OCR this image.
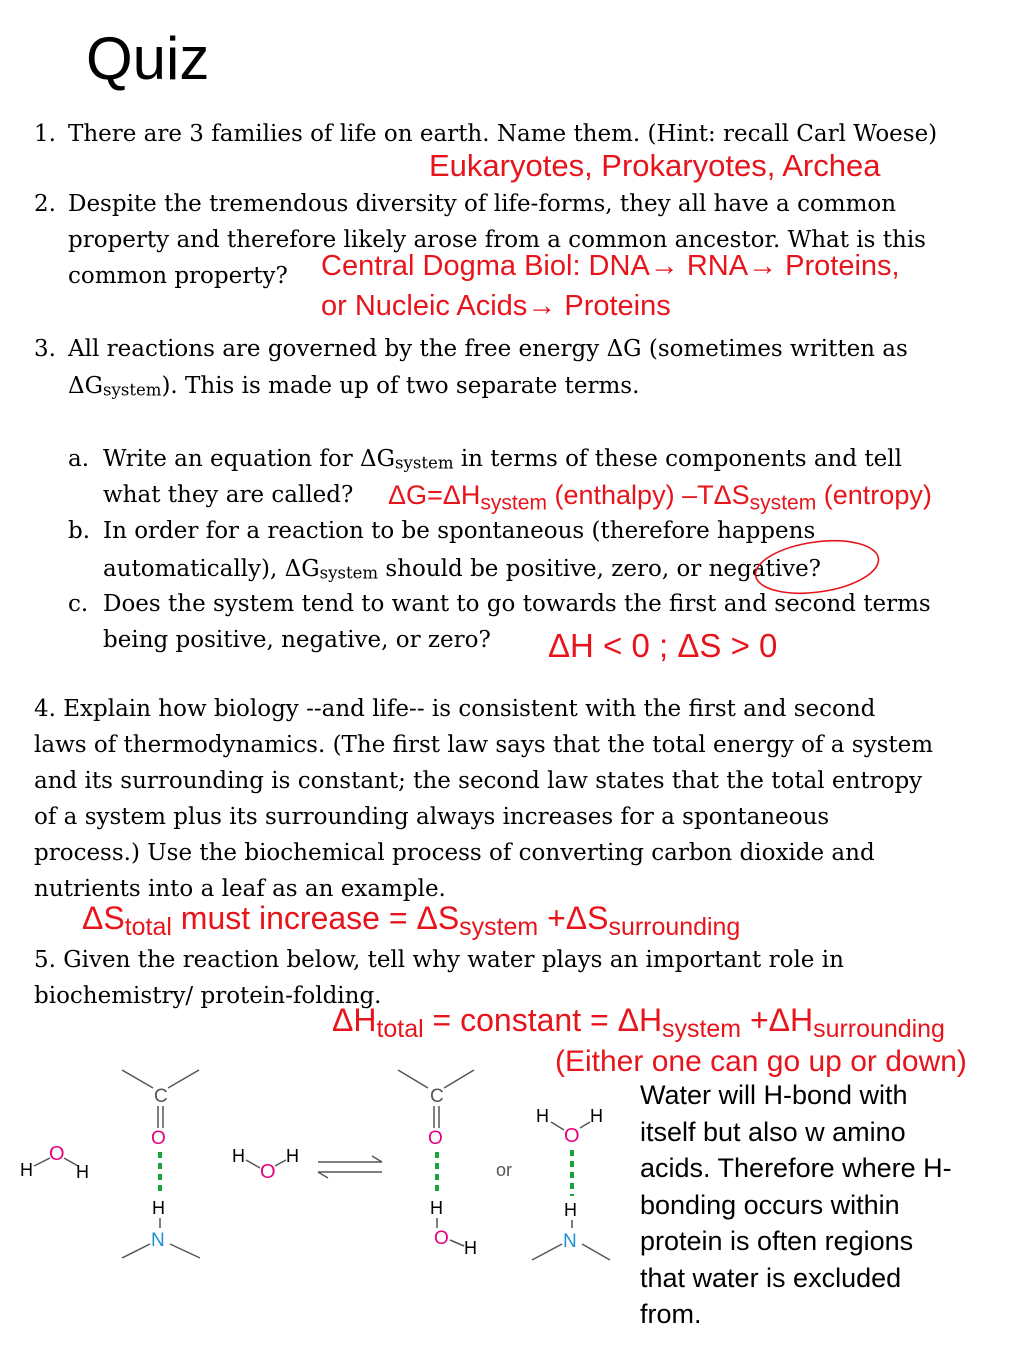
Quiz
1. There are 3 families of life on earth. Name them. (Hint: recall Carl Woese)
Eukaryotes, Prokaryotes, Archea
2. Despite the tremendous diversity of life-forms, they all have a common
property and therefore likely arose from a common ancestor. What is this
common property? Central Dogma Biol: DNA→ RNA→ Proteins,
or Nucleic Acids→ Proteins
3. All reactions are governed by the free energy ΔG (sometimes written as
ΔGsystem). This is made up of two separate terms.
a. Write an equation for ΔGsystem in terms of these components and tell
what they are called? $\Delta G=\Delta H_{system}$ (enthalpy) $-T\Delta S_{system}$ (entropy)
b. In order for a reaction to be spontaneous (therefore happens
automatically), ΔGsystem should be positive, zero, or negative?
c. Does the system tend to want to go towards the first and second terms
being positive, negative, or zero? ΔH < 0 ; ΔS > 0
4. Explain how biology --and life-- is consistent with the first and second
laws of thermodynamics. (The first law says that the total energy of a system
and its surrounding is constant; the second law states that the total entropy
of a system plus its surrounding always increases for a spontaneous
process.) Use the biochemical process of converting carbon dioxide and
nutrients into a leaf as an example.
$\Delta S_{total}$ must increase = $\Delta S_{system} +\Delta S_{surrounding}$
5. Given the reaction below, tell why water plays an important role in
biochemistry/ protein-folding.
$\Delta H_{total}$ = constant = $\Delta H_{system} +\Delta H_{surrounding}$
(Either one can go up or down)
Water will H-bond with
itself but also w amino
acids. Therefore where H-
bonding occurs within
protein is often regions
that water is excluded
from.
H
O
H
C
O
H
N
H
O
H
C
O
H
O H
or
H
O
H
H
N
